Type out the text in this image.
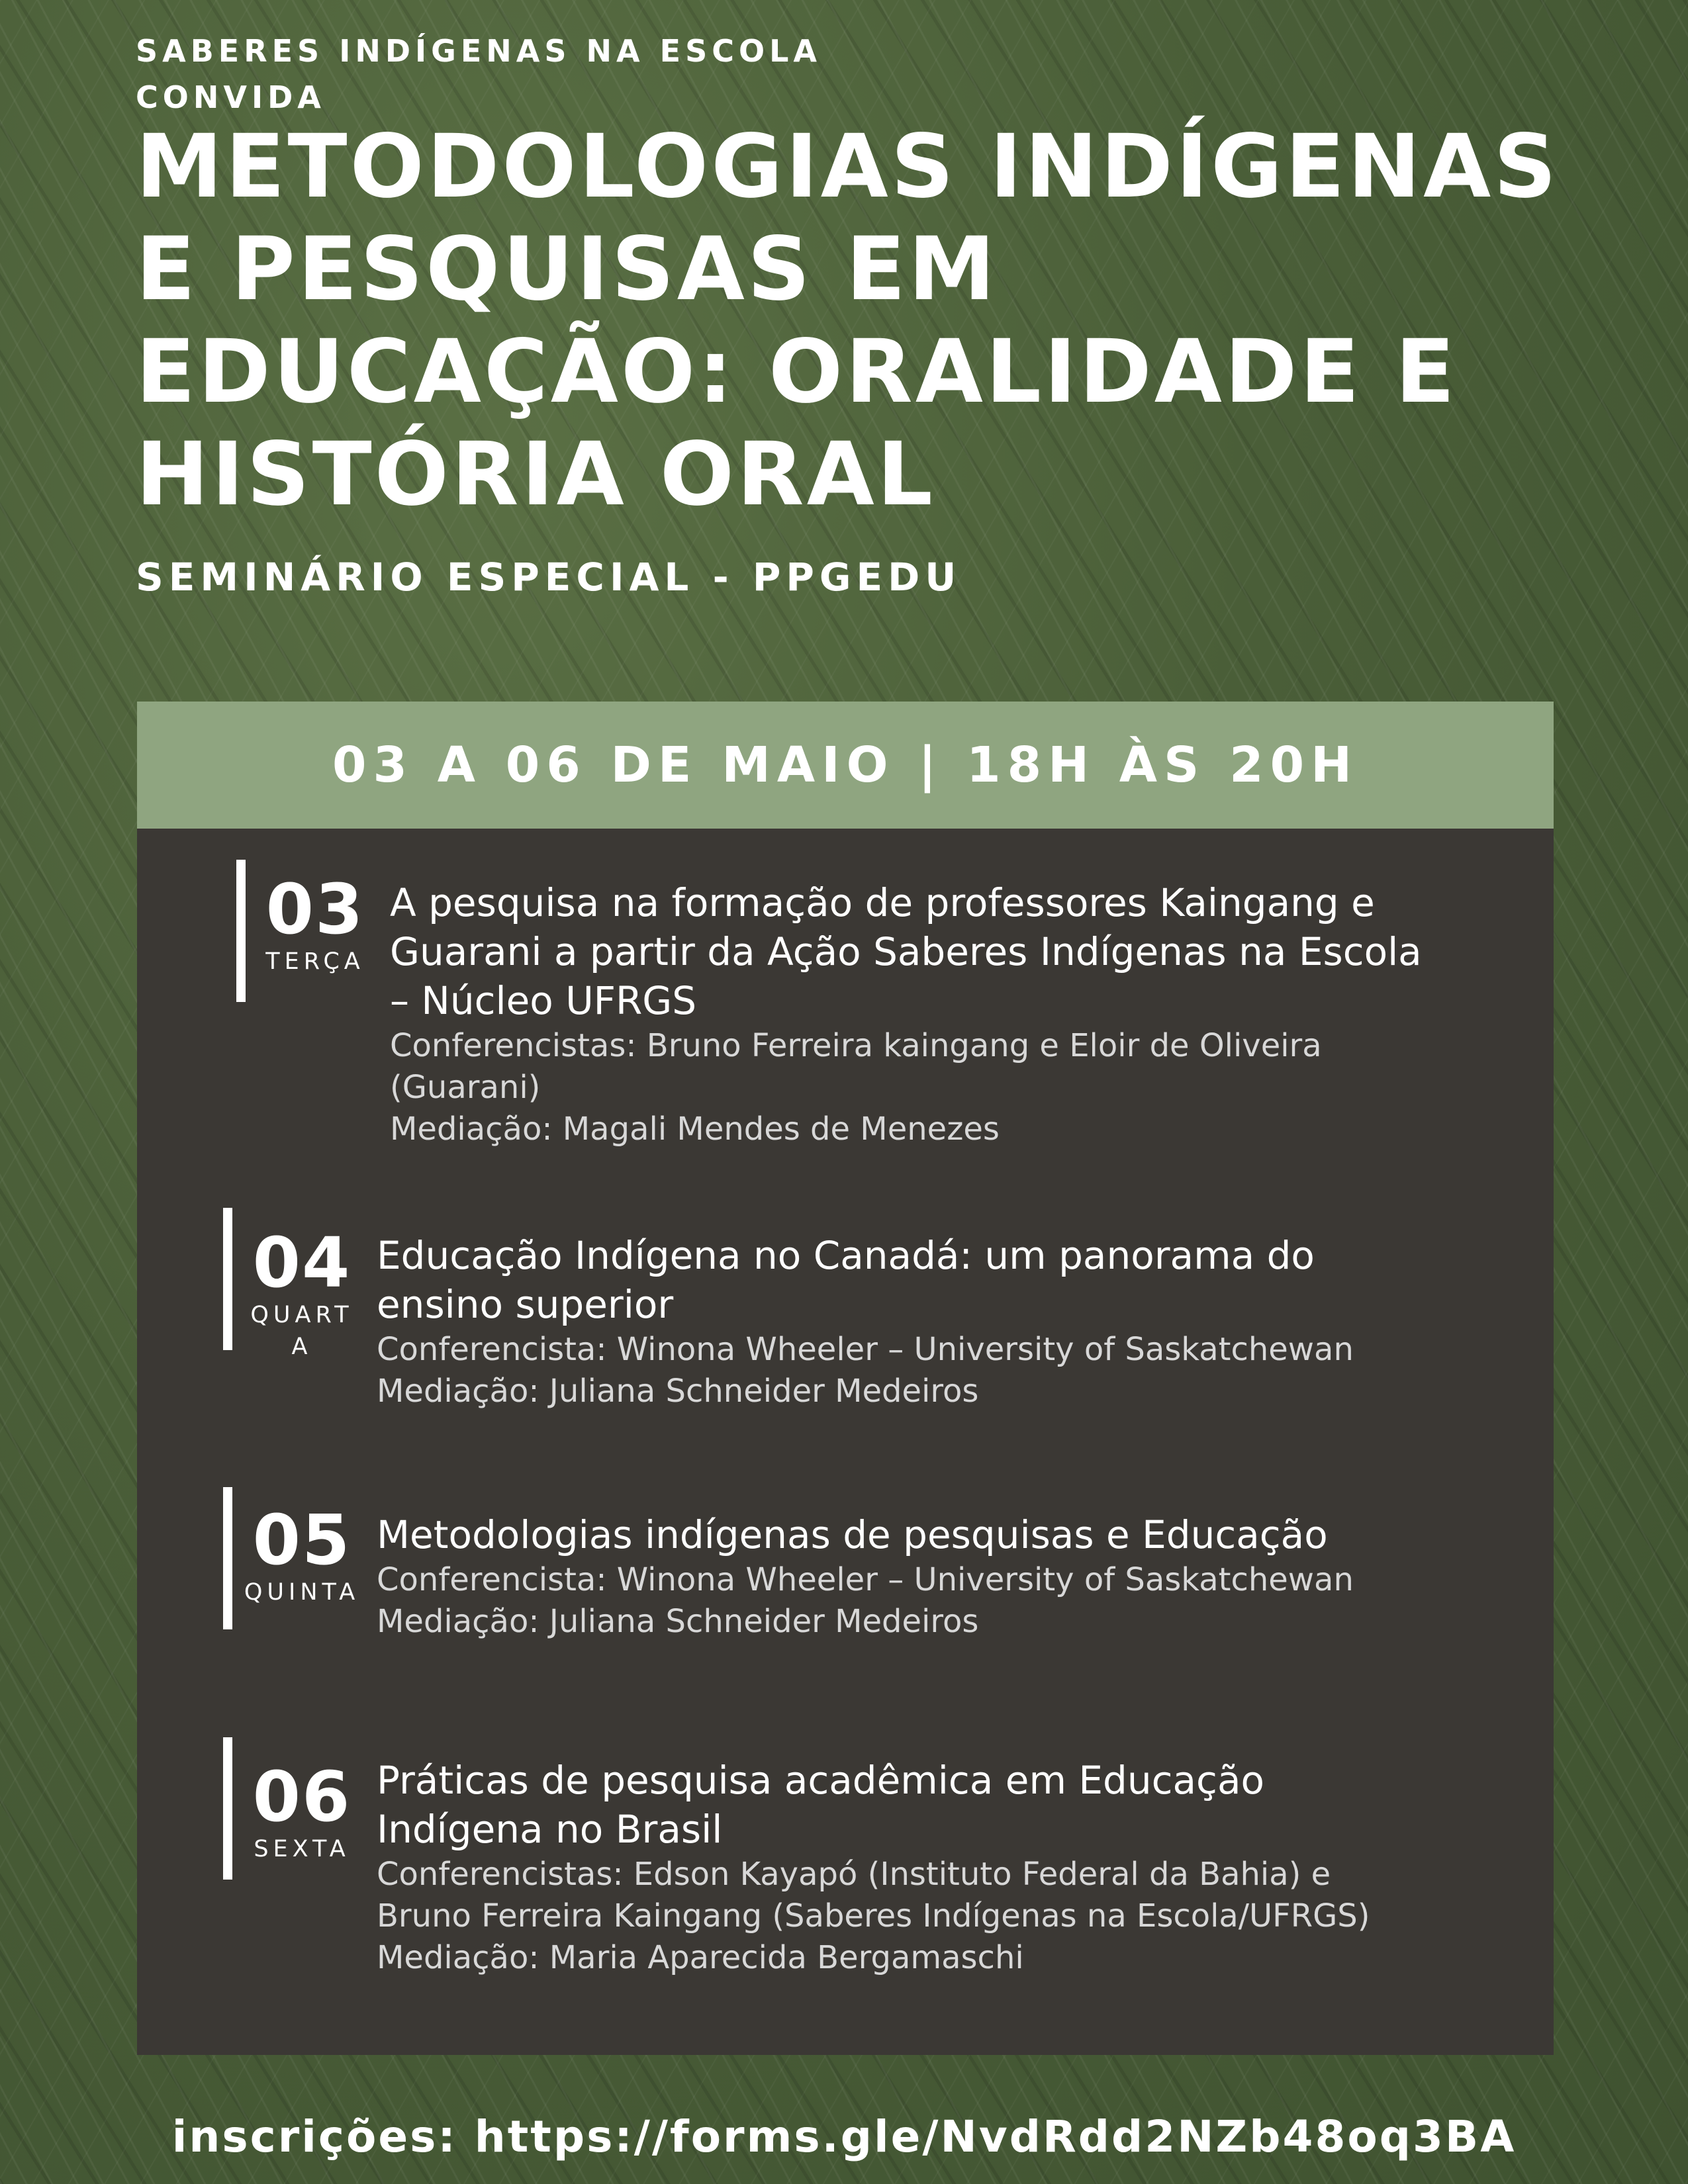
SABERES INDÍGENAS NA ESCOLA
CONVIDA
METODOLOGIAS INDÍGENAS
E PESQUISAS EM
EDUCAÇÃO: ORALIDADE E
HISTÓRIA ORAL
SEMINÁRIO ESPECIAL - PPGEDU
03 A 06 DE MAIO | 18H ÀS 20H
03
TERÇA
A pesquisa na formação de professores Kaingang e
Guarani a partir da Ação Saberes Indígenas na Escola
– Núcleo UFRGS
Conferencistas: Bruno Ferreira kaingang e Eloir de Oliveira
(Guarani)
Mediação: Magali Mendes de Menezes
04
QUART
A
Educação Indígena no Canadá: um panorama do
ensino superior
Conferencista: Winona Wheeler – University of Saskatchewan
Mediação: Juliana Schneider Medeiros
05
QUINTA
Metodologias indígenas de pesquisas e Educação
Conferencista: Winona Wheeler – University of Saskatchewan
Mediação: Juliana Schneider Medeiros
06
SEXTA
Práticas de pesquisa acadêmica em Educação
Indígena no Brasil
Conferencistas: Edson Kayapó (Instituto Federal da Bahia) e
Bruno Ferreira Kaingang (Saberes Indígenas na Escola/UFRGS)
Mediação: Maria Aparecida Bergamaschi
inscrições: https://forms.gle/NvdRdd2NZb48oq3BA
